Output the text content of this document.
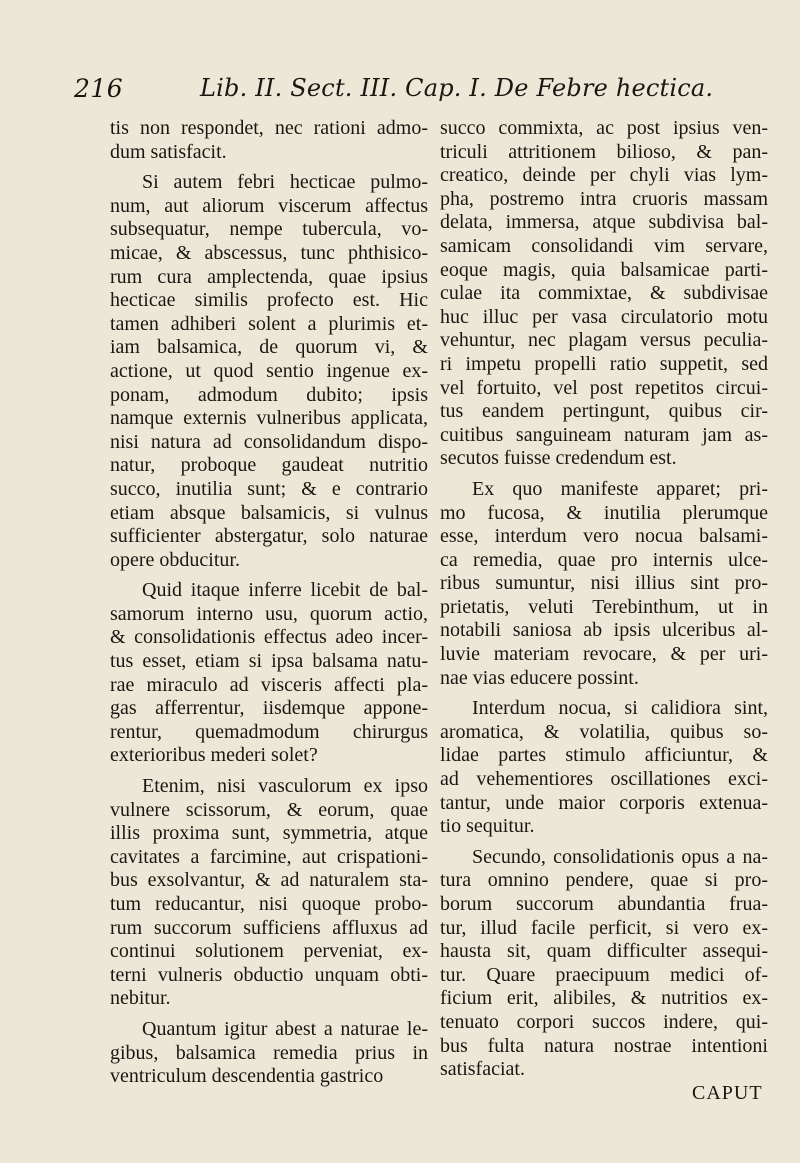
216	Lib. II. Sect. III. Cap. I. De Febre hectica.
tis non respondet, nec rationi admo-
dum satisfacit.
Si autem febri hecticae pulmo-
num, aut aliorum viscerum affectus
subsequatur, nempe tubercula, vo-
micae, & abscessus, tunc phthisico-
rum cura amplectenda, quae ipsius
hecticae similis profecto est. Hic
tamen adhiberi solent a plurimis et-
iam balsamica, de quorum vi, &
actione, ut quod sentio ingenue ex-
ponam, admodum dubito; ipsis
namque externis vulneribus applicata,
nisi natura ad consolidandum dispo-
natur, proboque gaudeat nutritio
succo, inutilia sunt; & e contrario
etiam absque balsamicis, si vulnus
sufficienter abstergatur, solo naturae
opere obducitur.
Quid itaque inferre licebit de bal-
samorum interno usu, quorum actio,
& consolidationis effectus adeo incer-
tus esset, etiam si ipsa balsama natu-
rae miraculo ad visceris affecti pla-
gas afferrentur, iisdemque appone-
rentur, quemadmodum chirurgus
exterioribus mederi solet?
Etenim, nisi vasculorum ex ipso
vulnere scissorum, & eorum, quae
illis proxima sunt, symmetria, atque
cavitates a farcimine, aut crispationi-
bus exsolvantur, & ad naturalem sta-
tum reducantur, nisi quoque probo-
rum succorum sufficiens affluxus ad
continui solutionem perveniat, ex-
terni vulneris obductio unquam obti-
nebitur.
Quantum igitur abest a naturae le-
gibus, balsamica remedia prius in
ventriculum descendentia gastrico
succo commixta, ac post ipsius ven-
triculi attritionem bilioso, & pan-
creatico, deinde per chyli vias lym-
pha, postremo intra cruoris massam
delata, immersa, atque subdivisa bal-
samicam consolidandi vim servare,
eoque magis, quia balsamicae parti-
culae ita commixtae, & subdivisae
huc illuc per vasa circulatorio motu
vehuntur, nec plagam versus peculia-
ri impetu propelli ratio suppetit, sed
vel fortuito, vel post repetitos circui-
tus eandem pertingunt, quibus cir-
cuitibus sanguineam naturam jam as-
secutos fuisse credendum est.
Ex quo manifeste apparet; pri-
mo fucosa, & inutilia plerumque
esse, interdum vero nocua balsami-
ca remedia, quae pro internis ulce-
ribus sumuntur, nisi illius sint pro-
prietatis, veluti Terebinthum, ut in
notabili saniosa ab ipsis ulceribus al-
luvie materiam revocare, & per uri-
nae vias educere possint.
Interdum nocua, si calidiora sint,
aromatica, & volatilia, quibus so-
lidae partes stimulo afficiuntur, &
ad vehementiores oscillationes exci-
tantur, unde maior corporis extenua-
tio sequitur.
Secundo, consolidationis opus a na-
tura omnino pendere, quae si pro-
borum succorum abundantia frua-
tur, illud facile perficit, si vero ex-
hausta sit, quam difficulter assequi-
tur. Quare praecipuum medici of-
ficium erit, alibiles, & nutritios ex-
tenuato corpori succos indere, qui-
bus fulta natura nostrae intentioni
satisfaciat.
CAPUT
